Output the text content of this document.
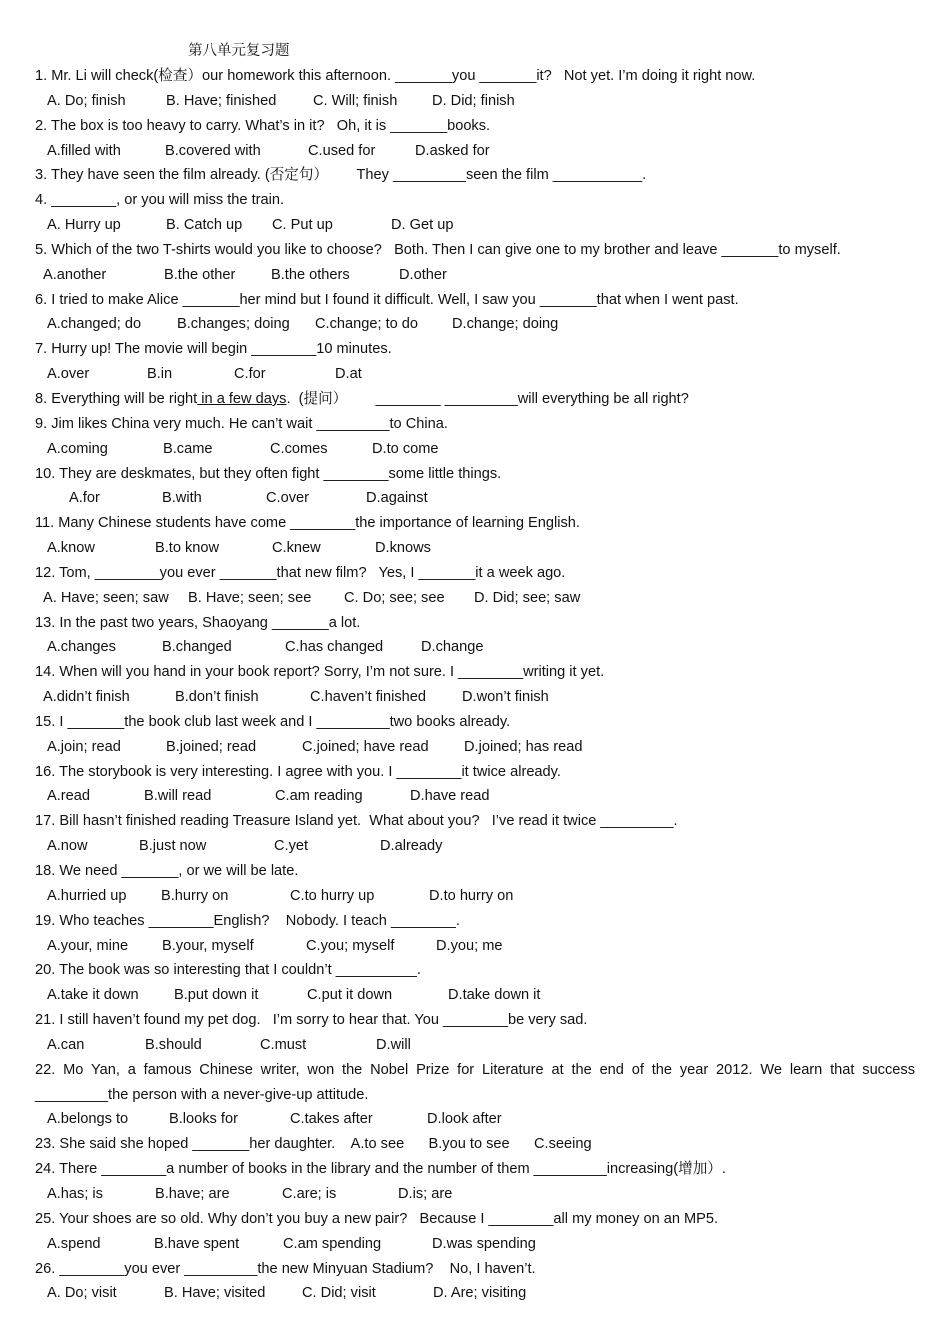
第八单元复习题
1. Mr. Li will check(检查）our homework this afternoon. _______you _______it?   Not yet. I’m doing it right now.
A. Do; finish	B. Have; finished	C. Will; finish D. Did; finish
2. The box is too heavy to carry. What’s in it?   Oh, it is _______books.
A.filled with	B.covered with	C.used for	D.asked for
3. They have seen the film already. (否定句）       They _________seen the film ___________.
4. ________, or you will miss the train.
A. Hurry up	B. Catch up C. Put up	D. Get up
5. Which of the two T-shirts would you like to choose?   Both. Then I can give one to my brother and leave _______to myself.
A.another	B.the other B.the others	D.other
6. I tried to make Alice _______her mind but I found it difficult. Well, I saw you _______that when I went past.
A.changed; do B.changes; doing C.change; to do D.change; doing
7. Hurry up! The movie will begin ________10 minutes.
A.over	B.in	C.for	D.at
8. Everything will be right in a few days.  (提问）       ________ _________will everything be all right?
9. Jim likes China very much. He can’t wait _________to China.
A.coming	B.came	C.comes	D.to come
10. They are deskmates, but they often fight ________some little things.
A.for	B.with	C.over	D.against
11. Many Chinese students have come ________the importance of learning English.
A.know	B.to know	C.knew	D.knows
12. Tom, ________you ever _______that new film?   Yes, I _______it a week ago.
A. Have; seen; saw B. Have; seen; see C. Do; see; see D. Did; see; saw
13. In the past two years, Shaoyang _______a lot.
A.changes	B.changed	C.has changed	D.change
14. When will you hand in your book report? Sorry, I’m not sure. I ________writing it yet.
A.didn’t finish	B.don’t finish	C.haven’t finished D.won’t finish
15. I _______the book club last week and I _________two books already.
A.join; read	B.joined; read	C.joined; have read D.joined; has read
16. The storybook is very interesting. I agree with you. I ________it twice already.
A.read	B.will read	C.am reading	D.have read
17. Bill hasn’t finished reading Treasure Island yet.  What about you?   I’ve read it twice _________.
A.now	B.just now	C.yet	D.already
18. We need _______, or we will be late.
A.hurried up B.hurry on	C.to hurry up	D.to hurry on
19. Who teaches ________English?    Nobody. I teach ________.
A.your, mine B.your, myself	C.you; myself	D.you; me
20. The book was so interesting that I couldn’t __________.
A.take it down B.put down it	C.put it down	D.take down it
21. I still haven’t found my pet dog.   I’m sorry to hear that. You ________be very sad.
A.can	B.should	C.must	D.will
22. Mo Yan, a famous Chinese writer, won the Nobel Prize for Literature at the end of the year 2012. We learn that success
_________the person with a never-give-up attitude.
A.belongs to	B.looks for	C.takes after	D.look after
23. She said she hoped _______her daughter.    A.to see      B.you to see      C.seeing
24. There ________a number of books in the library and the number of them _________increasing(增加）.
A.has; is	B.have; are	C.are; is	D.is; are
25. Your shoes are so old. Why don’t you buy a new pair?   Because I ________all my money on an MP5.
A.spend	B.have spent	C.am spending	D.was spending
26. ________you ever _________the new Minyuan Stadium?    No, I haven’t.
A. Do; visit	B. Have; visited	C. Did; visit	D. Are; visiting
